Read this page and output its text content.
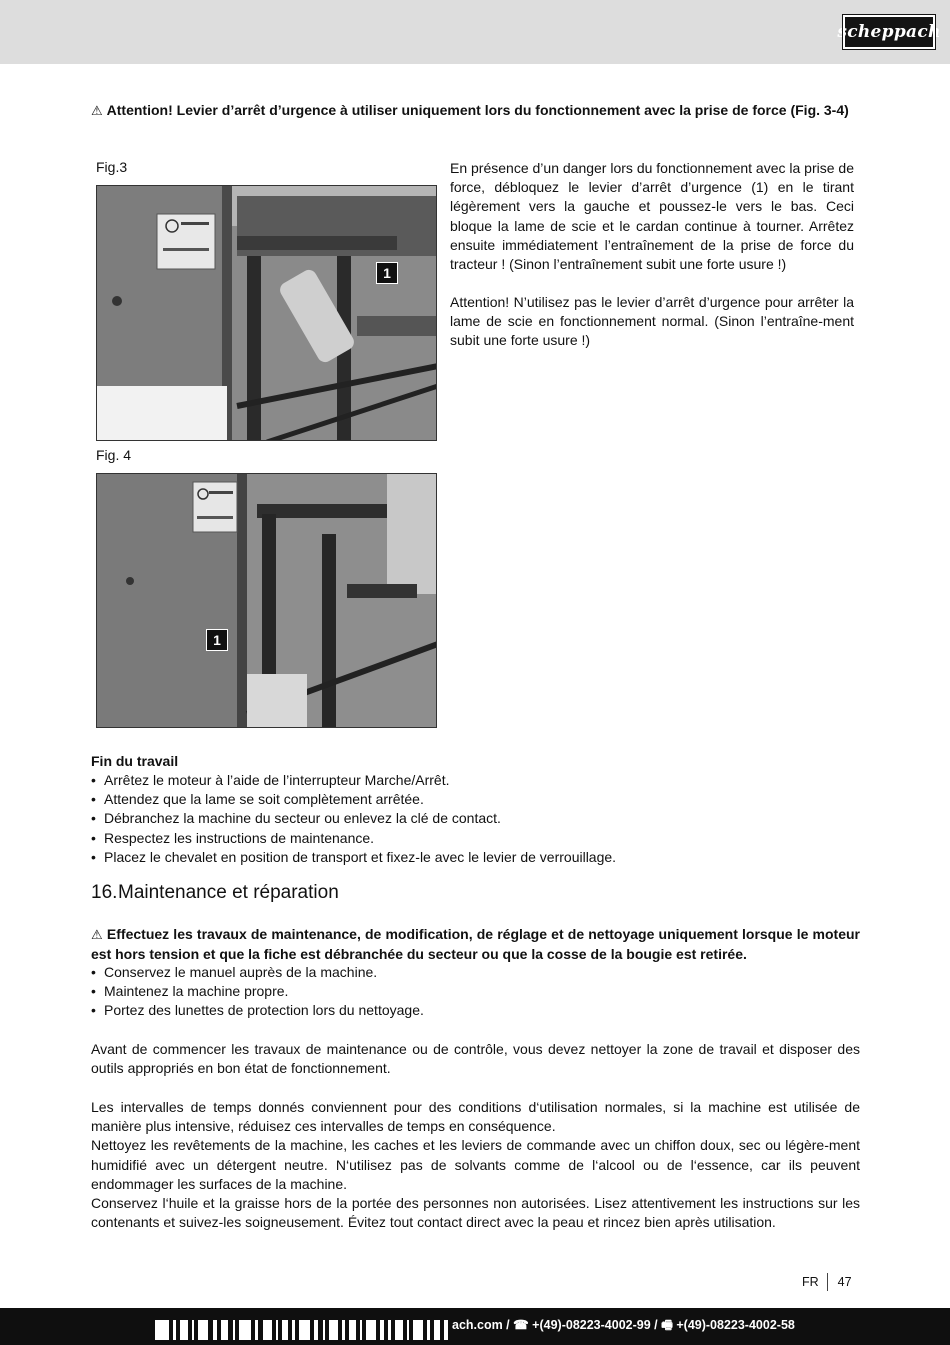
scheppach
⚠ Attention! Levier d’arrêt d’urgence à utiliser uniquement lors du fonctionnement avec la prise de force (Fig. 3-4)
Fig.3
1
En présence d’un danger lors du fonctionnement avec la prise de force, débloquez le levier d’arrêt d’urgence (1) en le tirant légèrement vers la gauche et poussez-le vers le bas. Ceci bloque la lame de scie et le cardan continue à tourner. Arrêtez ensuite immédiatement l’entraînement de la prise de force du tracteur ! (Sinon l’entraînement subit une forte usure !)
Attention! N’utilisez pas le levier d’arrêt d’urgence pour arrêter la lame de scie en fonctionnement normal. (Sinon l’entraîne-ment subit une forte usure !)
Fig. 4
1
Fin du travail
• Arrêtez le moteur à l’aide de l’interrupteur Marche/Arrêt.
• Attendez que la lame se soit complètement arrêtée.
• Débranchez la machine du secteur ou enlevez la clé de contact.
• Respectez les instructions de maintenance.
• Placez le chevalet en position de transport et fixez-le avec le levier de verrouillage.
16.Maintenance et réparation
⚠ Effectuez les travaux de maintenance, de modification, de réglage et de nettoyage uniquement lorsque le moteur est hors tension et que la fiche est débranchée du secteur ou que la cosse de la bougie est retirée.
• Conservez le manuel auprès de la machine.
• Maintenez la machine propre.
• Portez des lunettes de protection lors du nettoyage.
Avant de commencer les travaux de maintenance ou de contrôle, vous devez nettoyer la zone de travail et disposer des outils appropriés en bon état de fonctionnement.
Les intervalles de temps donnés conviennent pour des conditions d‘utilisation normales, si la machine est utilisée de manière plus intensive, réduisez ces intervalles de temps en conséquence.
Nettoyez les revêtements de la machine, les caches et les leviers de commande avec un chiffon doux, sec ou légère-ment humidifié avec un détergent neutre. N‘utilisez pas de solvants comme de l‘alcool ou de l‘essence, car ils peuvent endommager les surfaces de la machine.
Conservez l‘huile et la graisse hors de la portée des personnes non autorisées. Lisez attentivement les instructions sur les contenants et suivez-les soigneusement. Évitez tout contact direct avec la peau et rincez bien après utilisation.
FR 47
ach.com / ☎ +(49)-08223-4002-99 / 🖷 +(49)-08223-4002-58
